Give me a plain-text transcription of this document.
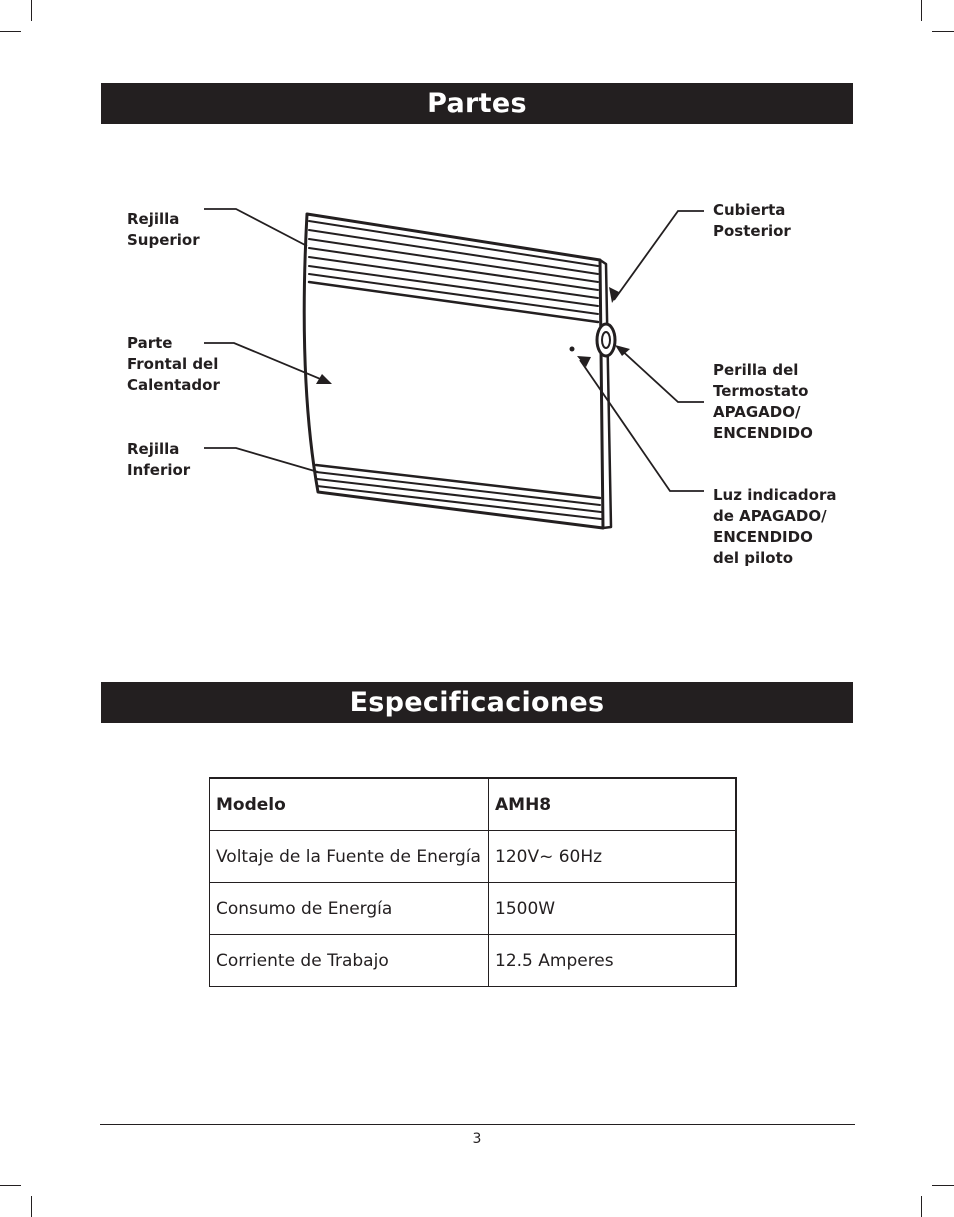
Partes
Rejilla
Superior
Parte
Frontal del
Calentador
Rejilla
Inferior
Cubierta
Posterior
Perilla del
Termostato
APAGADO/
ENCENDIDO
Luz indicadora
de APAGADO/
ENCENDIDO
del piloto
Especificaciones
Modelo	AMH8
Voltaje de la Fuente de Energía	120V~ 60Hz
Consumo de Energía	1500W
Corriente de Trabajo	12.5 Amperes
3
